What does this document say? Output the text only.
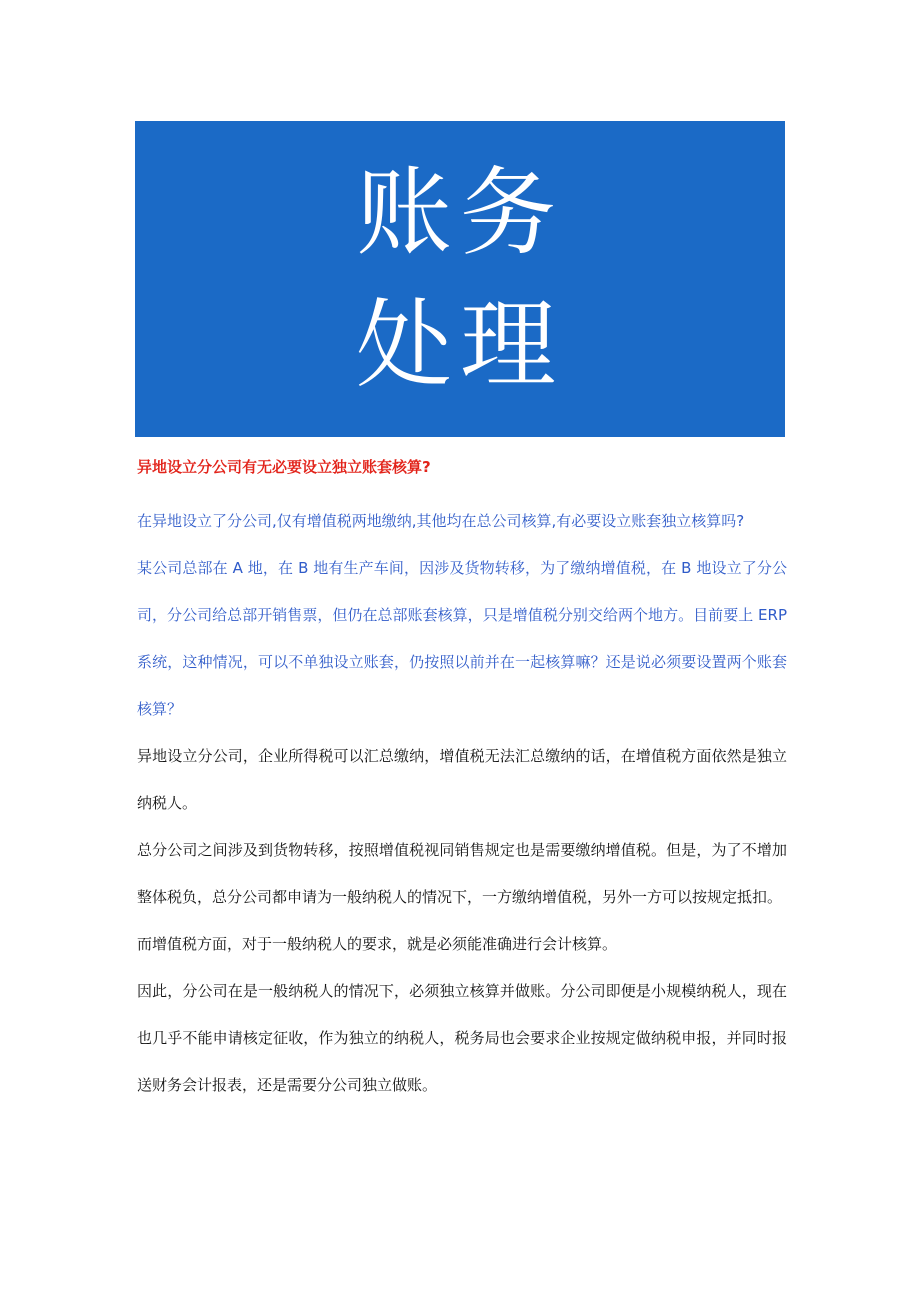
账务
处理

异地设立分公司有无必要设立独立账套核算?

在异地设立了分公司,仅有增值税两地缴纳,其他均在总公司核算,有必要设立账套独立核算吗?

某公司总部在 A 地，在 B 地有生产车间，因涉及货物转移，为了缴纳增值税，在 B 地设立了分公司，分公司给总部开销售票，但仍在总部账套核算，只是增值税分别交给两个地方。目前要上 ERP 系统，这种情况，可以不单独设立账套，仍按照以前并在一起核算嘛？还是说必须要设置两个账套核算？

异地设立分公司，企业所得税可以汇总缴纳，增值税无法汇总缴纳的话，在增值税方面依然是独立纳税人。

总分公司之间涉及到货物转移，按照增值税视同销售规定也是需要缴纳增值税。但是，为了不增加整体税负，总分公司都申请为一般纳税人的情况下，一方缴纳增值税，另外一方可以按规定抵扣。

而增值税方面，对于一般纳税人的要求，就是必须能准确进行会计核算。

因此，分公司在是一般纳税人的情况下，必须独立核算并做账。分公司即便是小规模纳税人，现在也几乎不能申请核定征收，作为独立的纳税人，税务局也会要求企业按规定做纳税申报，并同时报送财务会计报表，还是需要分公司独立做账。
